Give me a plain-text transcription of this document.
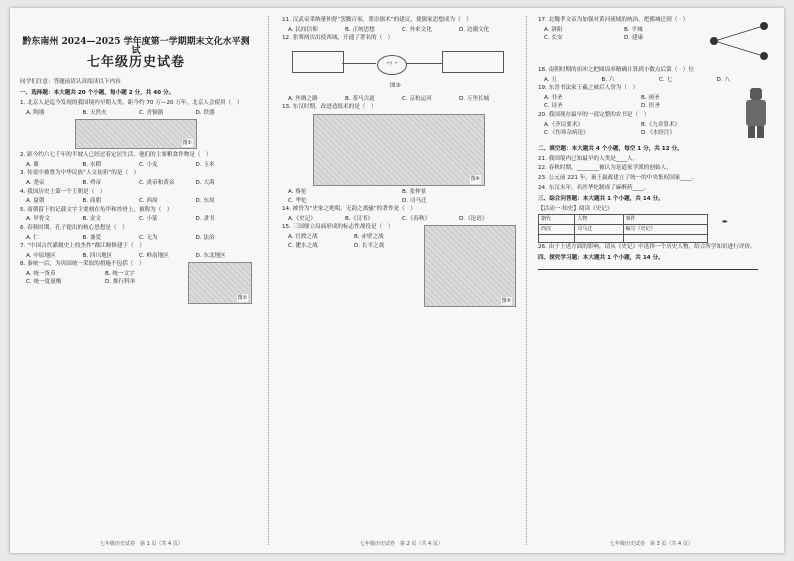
黔东南州 2024—2025 学年度第一学期期末文化水平测试
七年级历史试卷
同学们注意：答题前请认真阅读以下内容
一、选择题：本大题共 20 个小题，每小题 2 分，共 40 分。
1. 北京人是迄今发现的我国境内早期人类，距今约 70 万—20 万年，北京人会使用（　）
A. 陶器	B. 天然火	C. 青铜器	D. 铁器
图①
2. 距今约六七千年的半坡人已经过着定居生活，他们的主要粮食作物是（　）
A. 粟	B. 水稻	C. 小麦	D. 玉米
3. 传说中被尊为中华民族“人文初祖”的是（　）
A. 尧帝	B. 舜帝	C. 炎帝和黄帝	D. 大禹
4. 我国历史上第一个王朝是（　）
A. 夏朝	B. 商朝	C. 西周	D. 东周
5. 商朝留下的记载文字主要刻在龟甲和兽骨上，被称为（　）
A. 甲骨文	B. 金文	C. 小篆	D. 隶书
6. 春秋时期，孔子提出的核心思想是（　）
A. 仁	B. 兼爱	C. 无为	D. 法治
7. “中国古代灌溉史上的杰作”都江堰修建于（　）
A. 中原地区	B. 四川地区	C. 岭南地区	D. 东北地区
8. 秦统一后，为巩固统一采取的措施不包括（　）
A. 统一货币	B. 统一文字
C. 统一度量衡	D. 推行科举
图②
七年级历史试卷　第 1 页（共 4 页）
11. 汉武帝采纳董仲舒“罢黜百家，尊崇儒术”的建议，使儒家思想成为（　）
A. 民间信仰	B. 正统思想	C. 外来文化	D. 边疆文化
12. 张骞两次出使西域，开通了著名的（　）
“？”
图③
A. 丝绸之路	B. 茶马古道	C. 京杭运河	D. 万里长城
13. 东汉时期，改进造纸术的是（　）
图④
A. 蔡伦	B. 张仲景
C. 华佗	D. 司马迁
14. 被誉为“史家之绝唱，无韵之离骚”的著作是（　）
A.《史记》	B.《汉书》	C.《春秋》	D.《论语》
15. 三国鼎立局面形成的标志性战役是（　）
A. 官渡之战	B. 赤壁之战
C. 淝水之战	D. 长平之战
图⑤
七年级历史试卷　第 2 页（共 4 页）
17. 北魏孝文帝为加强对黄河流域的统治，把都城迁到（　）
A. 洛阳	B. 平城
C. 长安	D. 建康
18. 南朝时期的祖冲之把圆周率精确计算到小数点后第（　）位
A. 五	B. 六	C. 七	D. 八
19. 东晋书法家王羲之被后人誉为（　）
A. 书圣	B. 画圣
C. 诗圣	D. 医圣
20. 我国现存最早的一部完整的农书是（　）
A.《齐民要术》	B.《九章算术》
C.《伤寒杂病论》	D.《水经注》
二、填空题：本大题共 4 个小题，每空 1 分，共 12 分。
21. 我国境内已知最早的人类是____人。
22. 春秋时期，________被认为是道家学派的创始人。
23. 公元前 221 年，秦王嬴政建立了统一的中央集权国家____。
24. 东汉末年，名医华佗制成了麻醉药____。
三、综合问答题：本大题共 1 个小题，共 14 分。
【活动一·知史】阅读《史记》
朝代	人物	事件
西汉	司马迁	编写《史记》

✒
26. 由于上述方面的影响，请从《史记》中选择一个历史人物，结合所学知识进行评价。
四、探究学习题：本大题共 1 个小题，共 14 分。
七年级历史试卷　第 3 页（共 4 页）
